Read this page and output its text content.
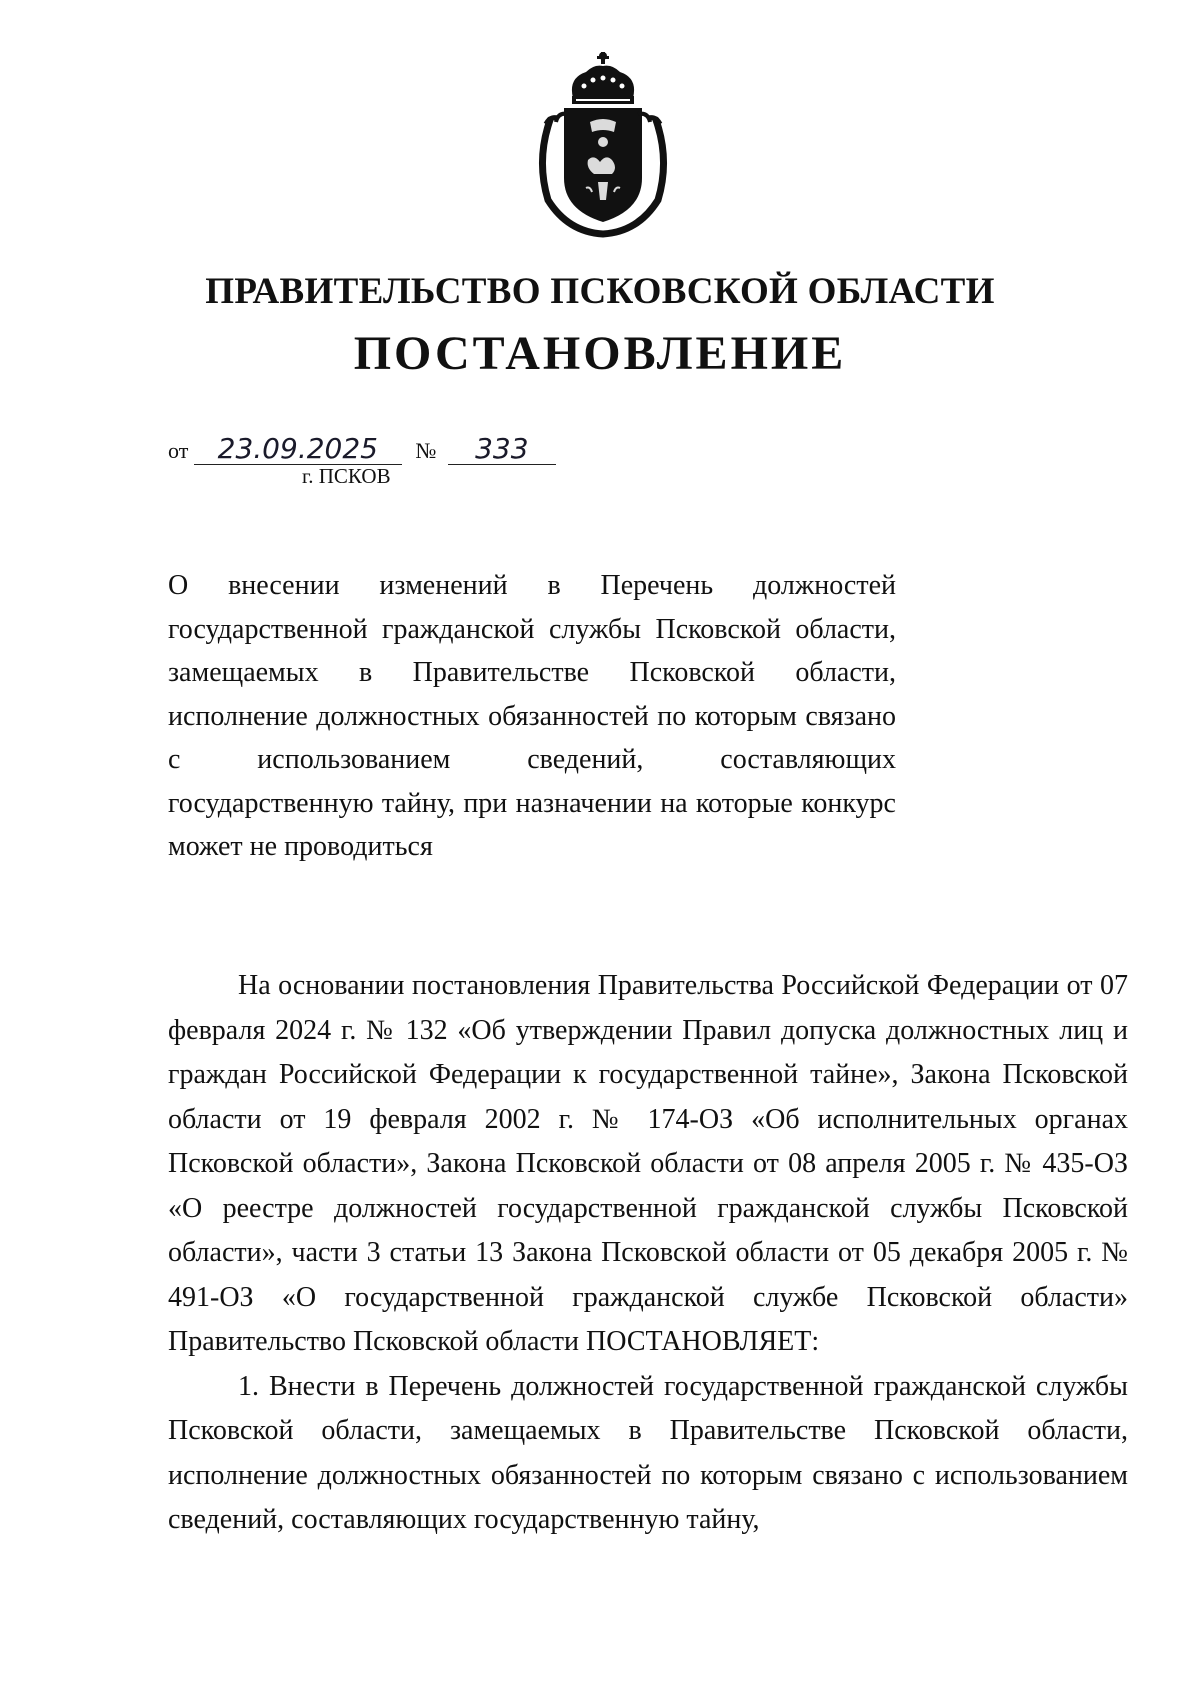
ПРАВИТЕЛЬСТВО ПСКОВСКОЙ ОБЛАСТИ
ПОСТАНОВЛЕНИЕ
от 23.09.2025 № 333
г. ПСКОВ

О внесении изменений в Перечень должностей государственной гражданской службы Псковской области, замещаемых в Правительстве Псковской области, исполнение должностных обязанностей по которым связано с использованием сведений, составляющих государственную тайну, при назначении на которые конкурс может не проводиться

На основании постановления Правительства Российской Федерации от 07 февраля 2024 г. № 132 «Об утверждении Правил допуска должностных лиц и граждан Российской Федерации к государственной тайне», Закона Псковской области от 19 февраля 2002 г. № 174-ОЗ «Об исполнительных органах Псковской области», Закона Псковской области от 08 апреля 2005 г. № 435-ОЗ «О реестре должностей государственной гражданской службы Псковской области», части 3 статьи 13 Закона Псковской области от 05 декабря 2005 г. № 491-ОЗ «О государственной гражданской службе Псковской области» Правительство Псковской области ПОСТАНОВЛЯЕТ:

1. Внести в Перечень должностей государственной гражданской службы Псковской области, замещаемых в Правительстве Псковской области, исполнение должностных обязанностей по которым связано с использованием сведений, составляющих государственную тайну,
